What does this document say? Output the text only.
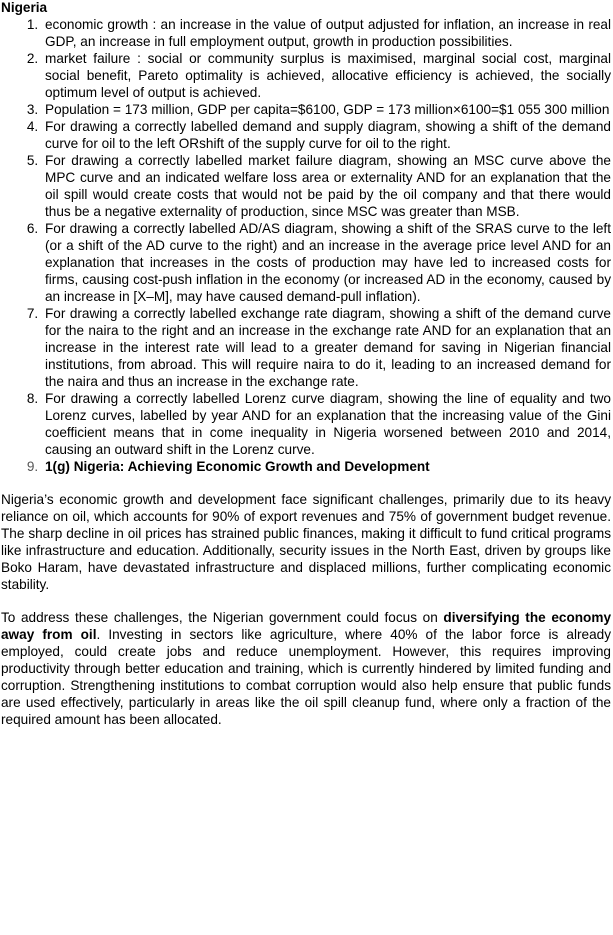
Nigeria
1. economic growth : an increase in the value of output adjusted for inflation, an increase in real GDP, an increase in full employment output, growth in production possibilities.
2. market failure : social or community surplus is maximised, marginal social cost, marginal social benefit, Pareto optimality is achieved, allocative efficiency is achieved, the socially optimum level of output is achieved.
3. Population = 173 million, GDP per capita=$6100, GDP = 173 million×6100=$1 055 300 million
4. For drawing a correctly labelled demand and supply diagram, showing a shift of the demand curve for oil to the left ORshift of the supply curve for oil to the right.
5. For drawing a correctly labelled market failure diagram, showing an MSC curve above the MPC curve and an indicated welfare loss area or externality AND for an explanation that the oil spill would create costs that would not be paid by the oil company and that there would thus be a negative externality of production, since MSC was greater than MSB.
6. For drawing a correctly labelled AD/AS diagram, showing a shift of the SRAS curve to the left (or a shift of the AD curve to the right) and an increase in the average price level AND for an explanation that increases in the costs of production may have led to increased costs for firms, causing cost-push inflation in the economy (or increased AD in the economy, caused by an increase in [X–M], may have caused demand-pull inflation).
7. For drawing a correctly labelled exchange rate diagram, showing a shift of the demand curve for the naira to the right and an increase in the exchange rate AND for an explanation that an increase in the interest rate will lead to a greater demand for saving in Nigerian financial institutions, from abroad. This will require naira to do it, leading to an increased demand for the naira and thus an increase in the exchange rate.
8. For drawing a correctly labelled Lorenz curve diagram, showing the line of equality and two Lorenz curves, labelled by year AND for an explanation that the increasing value of the Gini coefficient means that in come inequality in Nigeria worsened between 2010 and 2014, causing an outward shift in the Lorenz curve.
9. 1(g) Nigeria: Achieving Economic Growth and Development

Nigeria’s economic growth and development face significant challenges, primarily due to its heavy reliance on oil, which accounts for 90% of export revenues and 75% of government budget revenue. The sharp decline in oil prices has strained public finances, making it difficult to fund critical programs like infrastructure and education. Additionally, security issues in the North East, driven by groups like Boko Haram, have devastated infrastructure and displaced millions, further complicating economic stability.

To address these challenges, the Nigerian government could focus on diversifying the economy away from oil. Investing in sectors like agriculture, where 40% of the labor force is already employed, could create jobs and reduce unemployment. However, this requires improving productivity through better education and training, which is currently hindered by limited funding and corruption. Strengthening institutions to combat corruption would also help ensure that public funds are used effectively, particularly in areas like the oil spill cleanup fund, where only a fraction of the required amount has been allocated.
